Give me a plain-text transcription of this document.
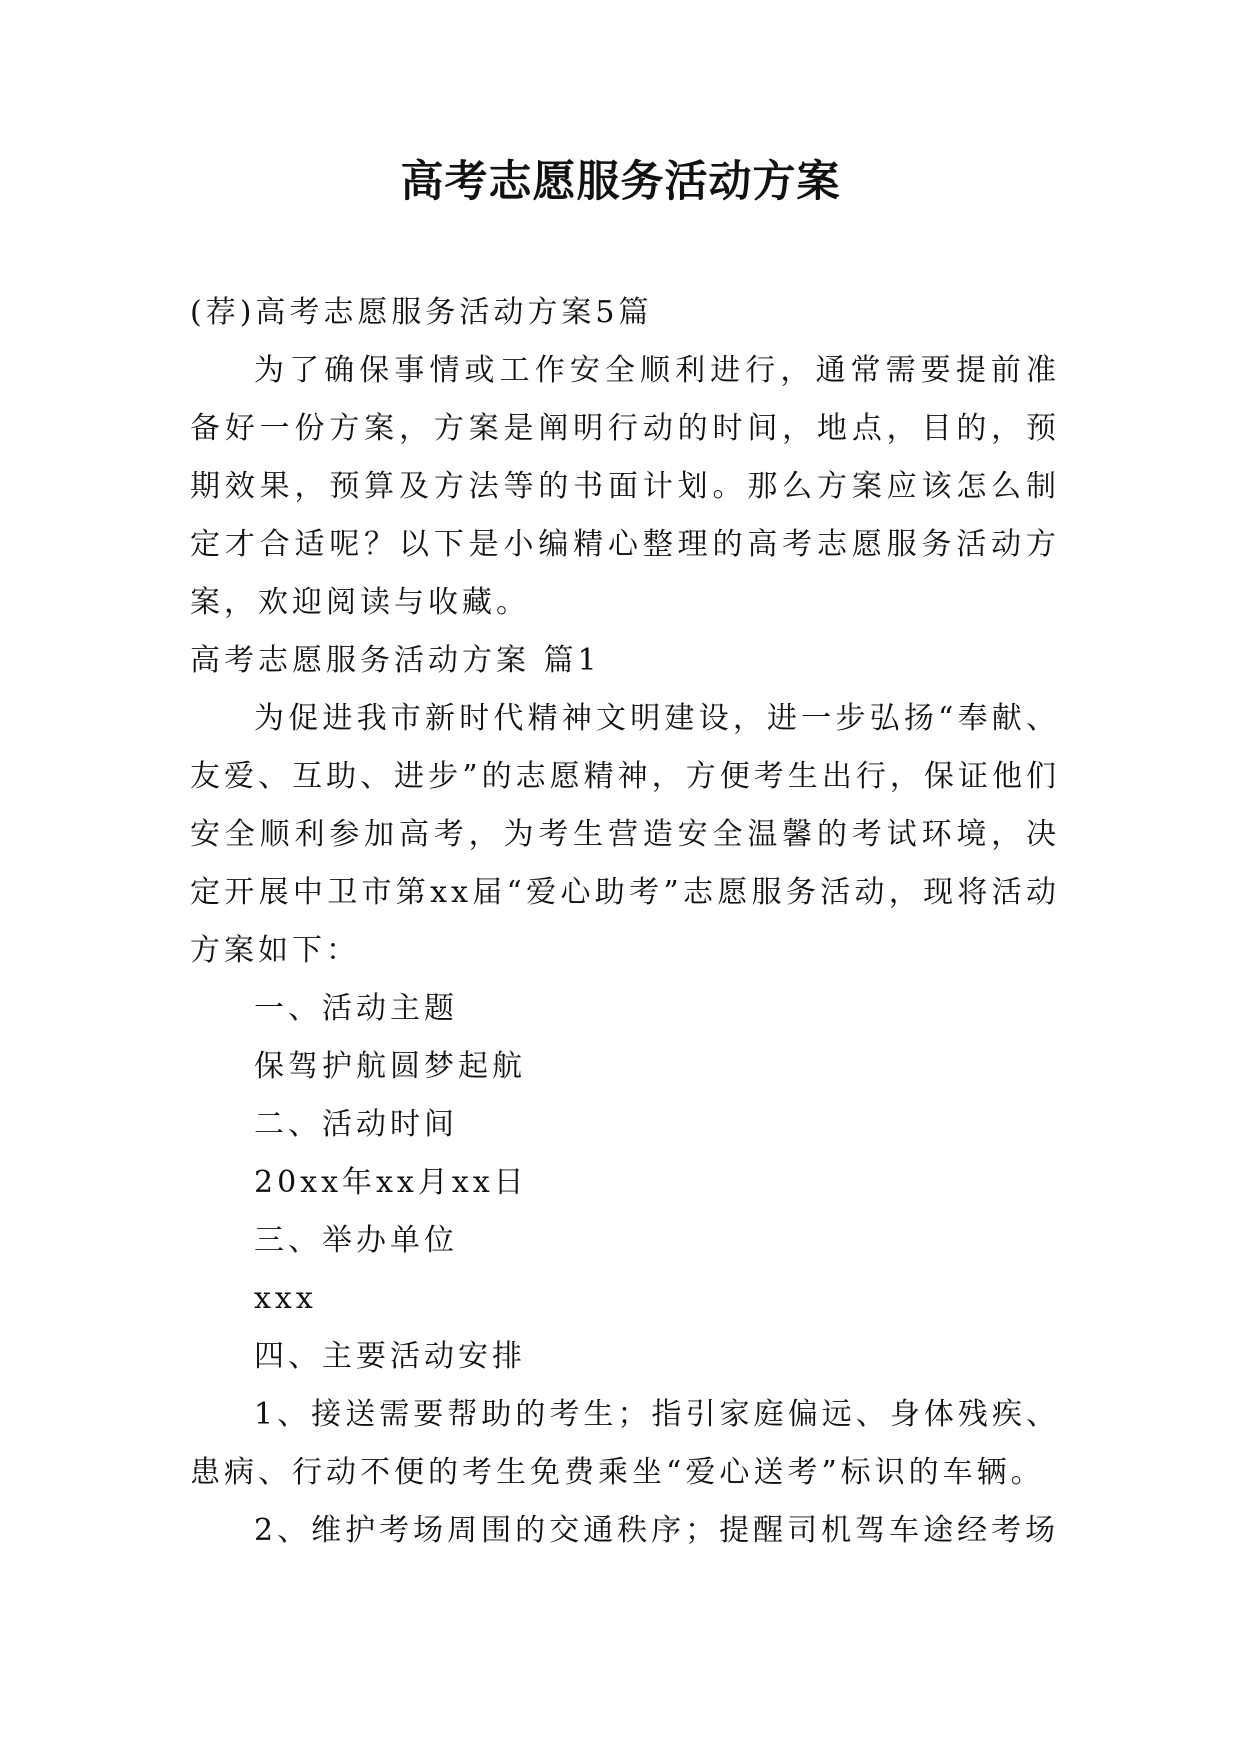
高考志愿服务活动方案

(荐)高考志愿服务活动方案5篇

为了确保事情或工作安全顺利进行，通常需要提前准备好一份方案，方案是阐明行动的时间，地点，目的，预期效果，预算及方法等的书面计划。那么方案应该怎么制定才合适呢？以下是小编精心整理的高考志愿服务活动方案，欢迎阅读与收藏。

高考志愿服务活动方案 篇1

为促进我市新时代精神文明建设，进一步弘扬“奉献、友爱、互助、进步”的志愿精神，方便考生出行，保证他们安全顺利参加高考，为考生营造安全温馨的考试环境，决定开展中卫市第xx届“爱心助考”志愿服务活动，现将活动方案如下：

一、活动主题

保驾护航圆梦起航

二、活动时间

20xx年xx月xx日

三、举办单位

xxx

四、主要活动安排

1、接送需要帮助的考生；指引家庭偏远、身体残疾、患病、行动不便的考生免费乘坐“爱心送考”标识的车辆。

2、维护考场周围的交通秩序；提醒司机驾车途经考场
